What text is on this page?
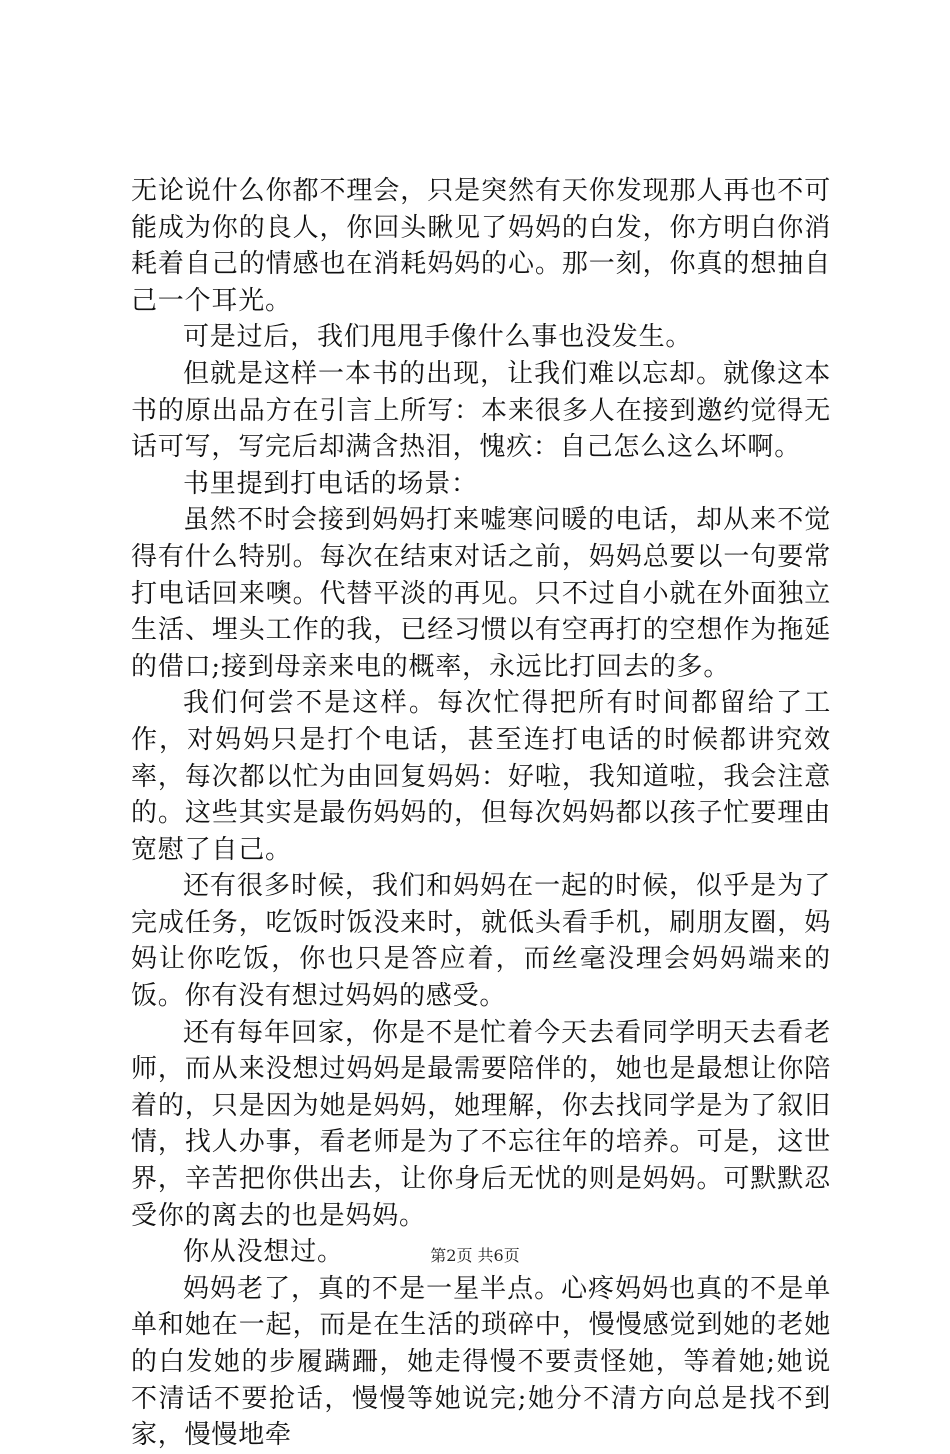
无论说什么你都不理会，只是突然有天你发现那人再也不可能成为你的良人，你回头瞅见了妈妈的白发，你方明白你消耗着自己的情感也在消耗妈妈的心。那一刻，你真的想抽自己一个耳光。

可是过后，我们甩甩手像什么事也没发生。

但就是这样一本书的出现，让我们难以忘却。就像这本书的原出品方在引言上所写：本来很多人在接到邀约觉得无话可写，写完后却满含热泪，愧疚：自己怎么这么坏啊。

书里提到打电话的场景：

虽然不时会接到妈妈打来嘘寒问暖的电话，却从来不觉得有什么特别。每次在结束对话之前，妈妈总要以一句要常打电话回来噢。代替平淡的再见。只不过自小就在外面独立生活、埋头工作的我，已经习惯以有空再打的空想作为拖延的借口;接到母亲来电的概率，永远比打回去的多。

我们何尝不是这样。每次忙得把所有时间都留给了工作，对妈妈只是打个电话，甚至连打电话的时候都讲究效率，每次都以忙为由回复妈妈：好啦，我知道啦，我会注意的。这些其实是最伤妈妈的，但每次妈妈都以孩子忙要理由宽慰了自己。

还有很多时候，我们和妈妈在一起的时候，似乎是为了完成任务，吃饭时饭没来时，就低头看手机，刷朋友圈，妈妈让你吃饭，你也只是答应着，而丝毫没理会妈妈端来的饭。你有没有想过妈妈的感受。

还有每年回家，你是不是忙着今天去看同学明天去看老师，而从来没想过妈妈是最需要陪伴的，她也是最想让你陪着的，只是因为她是妈妈，她理解，你去找同学是为了叙旧情，找人办事，看老师是为了不忘往年的培养。可是，这世界，辛苦把你供出去，让你身后无忧的则是妈妈。可默默忍受你的离去的也是妈妈。

你从没想过。

妈妈老了，真的不是一星半点。心疼妈妈也真的不是单单和她在一起，而是在生活的琐碎中，慢慢感觉到她的老她的白发她的步履蹒跚，她走得慢不要责怪她，等着她;她说不清话不要抢话，慢慢等她说完;她分不清方向总是找不到家，慢慢地牵

第2页 共6页
